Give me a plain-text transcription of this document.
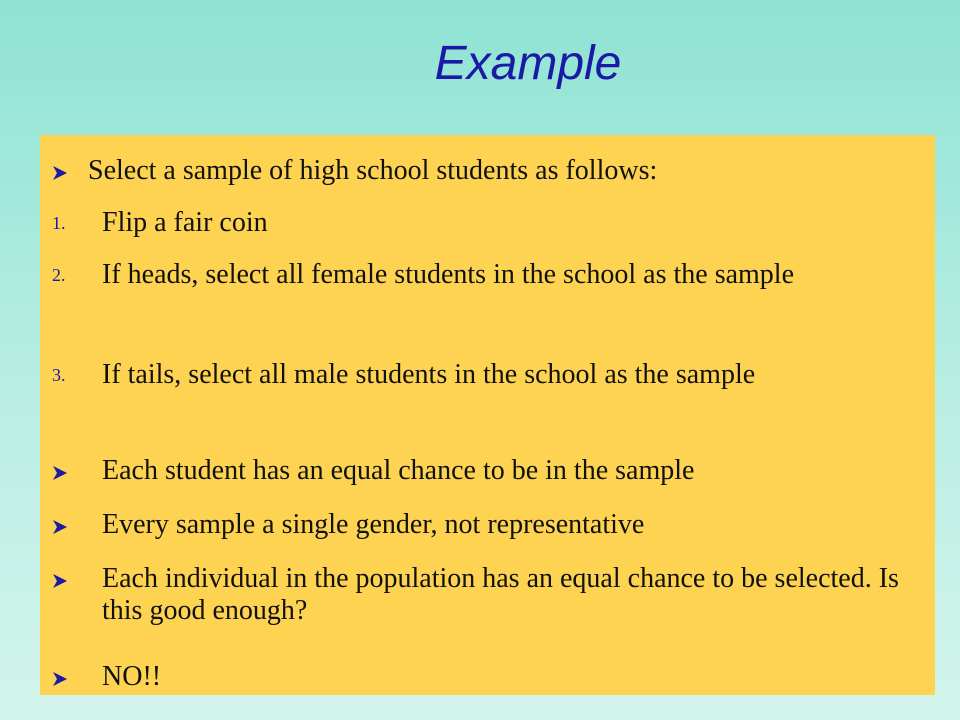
Example
Select a sample of high school students as follows:
1. Flip a fair coin
2. If heads, select all female students in the school as the sample
3. If tails, select all male students in the school as the sample
Each student has an equal chance to be in the sample
Every sample a single gender, not representative
Each individual in the population has an equal chance to be selected. Is this good enough?
NO!!
